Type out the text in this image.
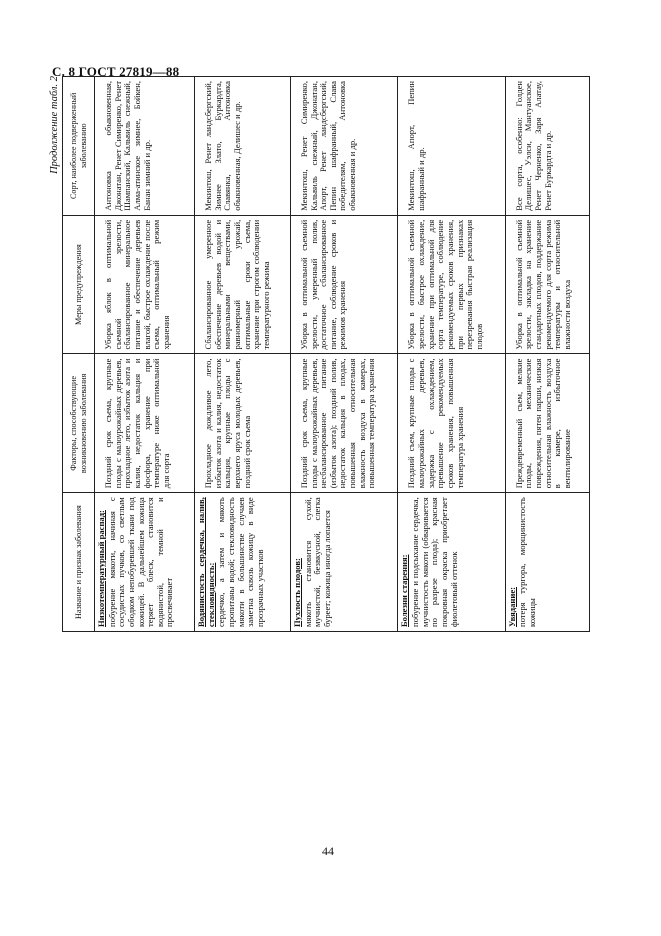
С. 8 ГОСТ 27819—88
Продолжение табл. 2
Название и признак заболевания	Факторы, способствующие возникновению заболевания	Меры предупреждения	Сорт, наиболее подверженный заболеванию

Низкотемпературный распад: побурение мякоти, начиная с сосудистых пучков, со светлым ободком непобуревшей ткани под кожицей. В дальнейшем кожица теряет блеск, становится водянистой, темной и просвечивает	Поздний срок съема, крупные плоды с малоурожайных деревьев, прохладное лето, избыток азота и калия, недостаток кальция и фосфора, хранение при температуре ниже оптимальной для сорта	Уборка яблок в оптимальной съемной зрелости, сбалансированное минеральное питание и обеспечение деревьев влагой, быстрое охлаждение после съема, оптимальный режим хранения	Антоновка обыкновенная, Джонатан, Ренет Симиренко, Ренет Шампанский, Кальвиль снежный, Алма-атинское зимнее, Бойкен, Банан зимний и др.

Водянистость сердечка, налив, стекловидность: сердечко, а затем и мякоть пропитаны водой; стекловидность мякоти в большинстве случаев заметна сквозь кожицу в виде прозрачных участков	Прохладное дождливое лето, избыток азота и калия, недостаток кальция, крупные плоды с верхнего яруса молодых деревьев, поздний срок съема	Сбалансированное умеренное обеспечение деревьев водой и минеральными веществами, равномерный урожай, оптимальные сроки съема, хранение при строгом соблюдении температурного режима	Мекинтош, Ренет ландсбергский, Зимнее Злато, Буркардта, Славянка, Антоновка обыкновенная, Делишес и др.

Пухлость плодов: мякоть становится сухой, мучнистой, безвкусной, слегка буреет; кожица иногда лопается	Поздний срок съема, крупные плоды с малоурожайных деревьев, несбалансированное питание (избыток азота); поздний полив, недостаток кальция в плодах, повышенная относительная влажность воздуха в камерах, повышенная температура хранения	Уборка в оптимальной съемной зрелости, умеренный полив, достаточное сбалансированное питание, соблюдение сроков и режимов хранения	Мекинтош, Ренет Симиренко, Кальвиль снежный, Джонатан, Апорт, Ренет ландсбергский, Пепин шафранный, Слава победителям, Антоновка обыкновенная и др.

Болезни старения: побурение и подсыхание сердечка, мучнистость мякоти (обваривается по разрезе плода); красная покровная окраска приобретает фиолетовый оттенок	Поздний съем, крупные плоды с малоурожайных деревьев, задержка с охлаждением, превышение рекомендуемых сроков хранения, повышенная температура хранения	Уборка в оптимальной съемной зрелости, быстрое охлаждение, хранение при оптимальной для сорта температуре, соблюдение рекомендуемых сроков хранения, при первых признаках перезревания быстрая реализация плодов	Мекинтош, Апорт, Пепин шафранный и др.

Увядание: потеря тургора, морщинистость кожицы	Преждевременный съем, мелкие плоды, механические повреждения, пятен парши, низкая относительная влажность воздуха в камере, избыточное вентилирование	Уборка в оптимальной съемной зрелости, закладка на хранение стандартных плодов, поддержание рекомендуемого для сорта режима температуры и относительной влажности воздуха	Все сорта, особенно: Голден Делишес, Уэлси, Мантуанское, Ренет Черненко, Заря Алатау, Ренет Буркардта и др.
44
